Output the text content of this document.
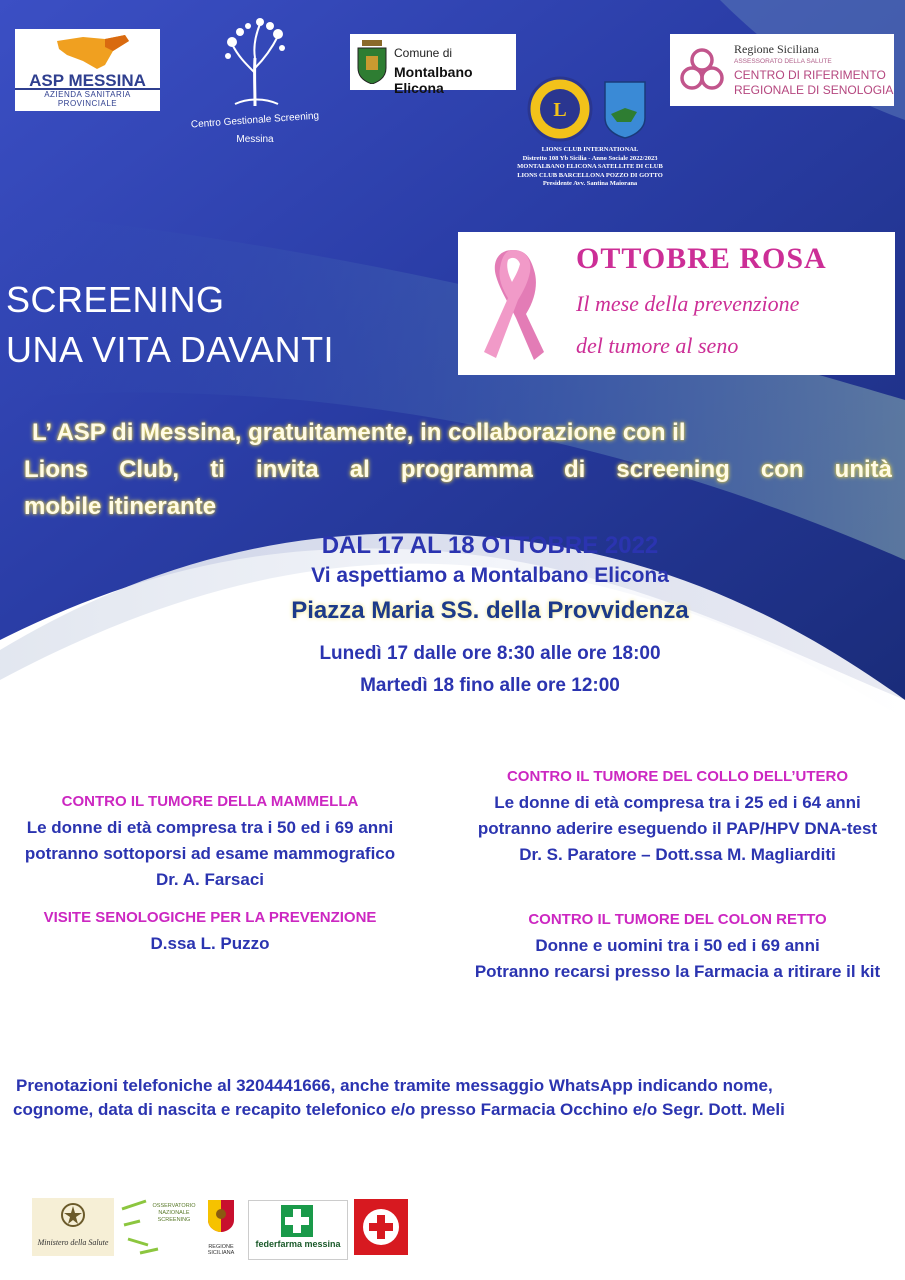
ASP MESSINA
AZIENDA SANITARIA PROVINCIALE
Centro Gestionale Screening
Messina
Comune di
Montalbano Elicona
L
LIONS CLUB INTERNATIONAL
Distretto 108 Yb Sicilia - Anno Sociale 2022/2023
MONTALBANO ELICONA SATELLITE DI CLUB
LIONS CLUB BARCELLONA POZZO DI GOTTO
Presidente Avv. Santina Maiorana
Regione Siciliana
ASSESSORATO DELLA SALUTE
CENTRO DI RIFERIMENTO
REGIONALE DI SENOLOGIA
SCREENING
UNA VITA DAVANTI
OTTOBRE ROSA
Il mese della prevenzione
del tumore al seno
L’ ASP di Messina, gratuitamente, in collaborazione con il
Lions Club, ti invita al programma di screening con unità
mobile itinerante
DAL 17 AL 18 OTTOBRE 2022
Vi aspettiamo a Montalbano Elicona
Piazza Maria SS. della Provvidenza
Lunedì 17 dalle ore 8:30 alle ore 18:00
Martedì 18 fino alle ore 12:00
CONTRO IL TUMORE DELLA MAMMELLA
Le donne di età compresa tra i 50 ed i 69 anni
potranno sottoporsi ad esame mammografico
Dr. A. Farsaci
VISITE SENOLOGICHE PER LA PREVENZIONE
D.ssa L. Puzzo
CONTRO IL TUMORE DEL COLLO DELL’UTERO
Le donne di età compresa tra i 25 ed i 64 anni
potranno aderire eseguendo il PAP/HPV DNA-test
Dr. S. Paratore – Dott.ssa M. Magliarditi
CONTRO IL TUMORE DEL COLON RETTO
Donne e uomini tra i 50 ed i 69 anni
Potranno recarsi presso la Farmacia a ritirare il kit
Prenotazioni telefoniche al 3204441666, anche tramite messaggio WhatsApp indicando nome,
cognome, data di nascita e recapito telefonico e/o presso Farmacia Occhino e/o Segr. Dott. Meli
Ministero della Salute
OSSERVATORIO NAZIONALE SCREENING
REGIONE SICILIANA
federfarma messina
